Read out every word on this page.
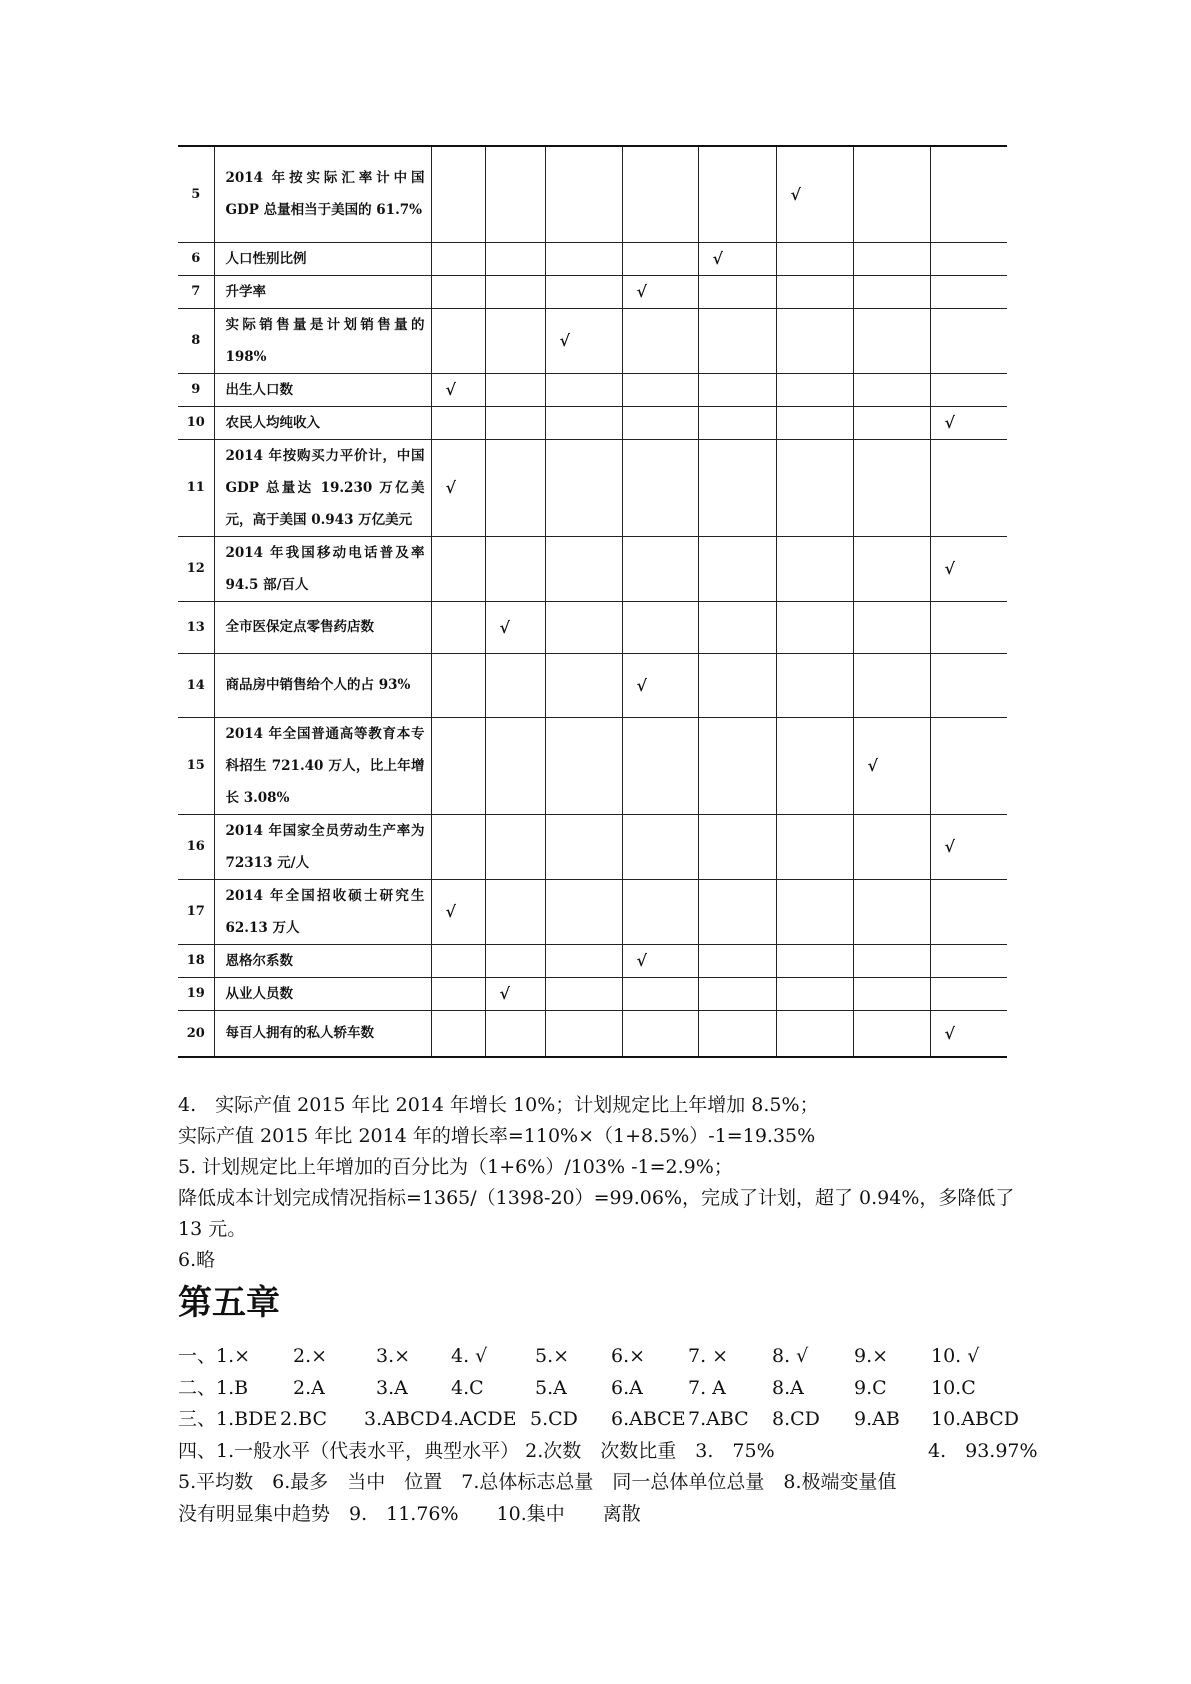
5	2014 年按实际汇率计中国 GDP 总量相当于美国的 61.7%						√		
6	人口性别比例					√			
7	升学率				√				
8	实际销售量是计划销售量的 198%			√					
9	出生人口数	√							
10	农民人均纯收入								√
11	2014 年按购买力平价计，中国 GDP 总量达 19.230 万亿美元，高于美国 0.943 万亿美元	√							
12	2014 年我国移动电话普及率 94.5 部/百人								√
13	全市医保定点零售药店数		√						
14	商品房中销售给个人的占 93%				√				
15	2014 年全国普通高等教育本专科招生 721.40 万人，比上年增长 3.08%							√	
16	2014 年国家全员劳动生产率为 72313 元/人								√
17	2014 年全国招收硕士研究生 62.13 万人	√							
18	恩格尔系数				√				
19	从业人员数		√						
20	每百人拥有的私人轿车数								√

4.　实际产值 2015 年比 2014 年增长 10%；计划规定比上年增加 8.5%；

实际产值 2015 年比 2014 年的增长率=110%×（1+8.5%）-1=19.35%

5. 计划规定比上年增加的百分比为（1+6%）/103% -1=2.9%；

降低成本计划完成情况指标=1365/（1398-20）=99.06%，完成了计划，超了 0.94%，多降低了 13 元。

6.略

第五章
一、1.× 2.×	3.× 4. √	5.× 6.× 7. × 8. √ 9.× 10. √
二、1.B 2.A	3.A 4.C	5.A 6.A 7. A 8.A	9.C 10.C
三、1.BDE 2.BC 3.ABCD 4.ACDE 5.CD 6.ABCE 7.ABC 8.CD 9.AB 10.ABCD
四、1.一般水平（代表水平，典型水平） 2.次数　次数比重　3.　75%	4.　93.97%
5.平均数　6.最多　当中　位置　7.总体标志总量　同一总体单位总量　8.极端变量值
没有明显集中趋势　9.　11.76%　　10.集中　　离散
